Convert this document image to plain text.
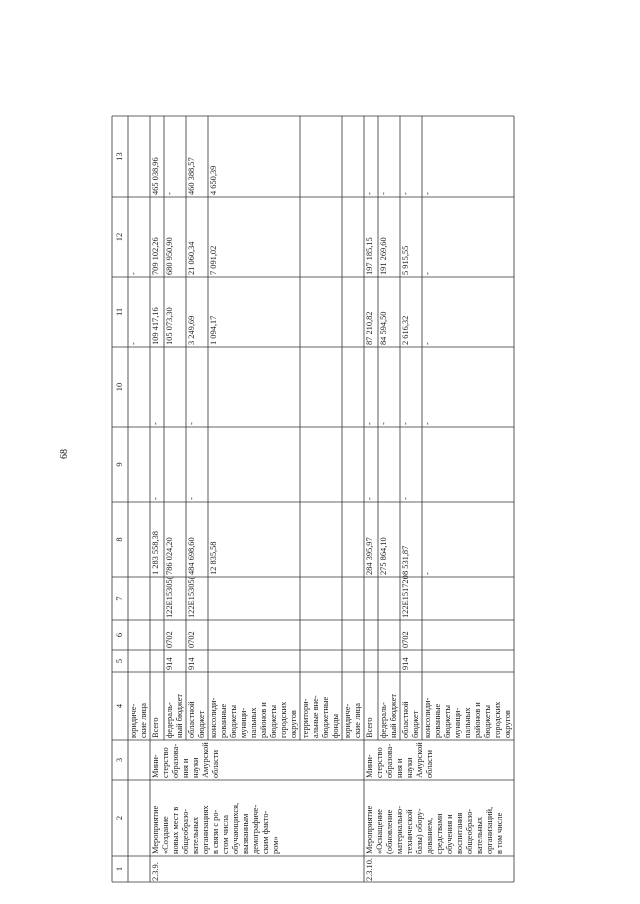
68
1
2
3
4
5
6
7
8
9
10
11
12
13
юридиче- ские лица
-
-
Всего
1 283 558,38
-
-
109 417,16
709 102,26
465 038,96
федераль- ный бюджет
914
0702
122E15305(
786 024,20
105 073,30
680 950,90
-
областной бюджет
914
0702
122E15305(
484 698,60
-
-
3 249,69
21 060,34
460 388,57
консолиди- рованные бюджеты муници- пальных районов и бюджеты городских округов
12 835,58
1 094,17
7 091,02
4 650,39
территори- альные вне- бюджетные фонды юридиче- ские лица
2.3.9.
Мероприятие «Создание новых мест в общеобразо- вательных организациях в связи с ро- стом числа обучающихся, вызванным демографиче- ским факто- ром»
Мини- стерство образова- ния и науки Амурской области
Всего
284 395,97
-
-
87 210,82
197 185,15
-
федераль- ный бюджет
275 864,10
-
84 594,50
191 269,60
-
областной бюджет
914
0702
122E151720
8 531,87
-
-
2 616,32
5 915,55
-
консолиди- рованные бюджеты муници- пальных районов и бюджеты городских округов
-
-
-
-
-
2.3.10.
Мероприятие «Оснащение (обновление материально- технической базы) обору- дованием, средствами обучения и воспитания общеобразо- вательных организаций, в том числе
Мини- стерство образова- ния и науки Амурской области
